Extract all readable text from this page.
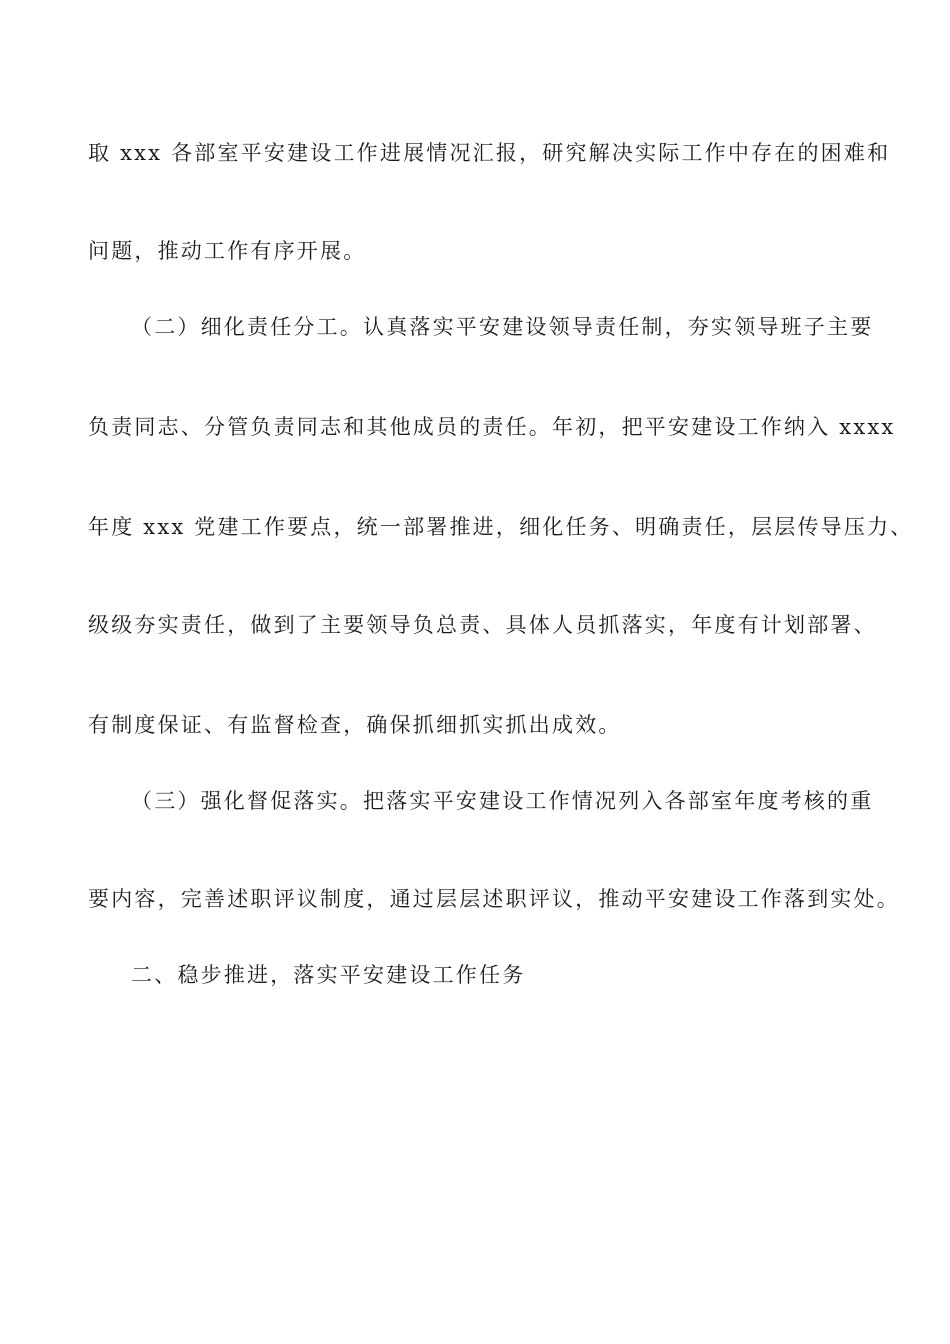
取 xxx 各部室平安建设工作进展情况汇报，研究解决实际工作中存在的困难和
问题，推动工作有序开展。
（二）细化责任分工。认真落实平安建设领导责任制，夯实领导班子主要
负责同志、分管负责同志和其他成员的责任。年初，把平安建设工作纳入 xxxx
年度 xxx 党建工作要点，统一部署推进，细化任务、明确责任，层层传导压力、
级级夯实责任，做到了主要领导负总责、具体人员抓落实，年度有计划部署、
有制度保证、有监督检查，确保抓细抓实抓出成效。
（三）强化督促落实。把落实平安建设工作情况列入各部室年度考核的重
要内容，完善述职评议制度，通过层层述职评议，推动平安建设工作落到实处。
二、稳步推进，落实平安建设工作任务
